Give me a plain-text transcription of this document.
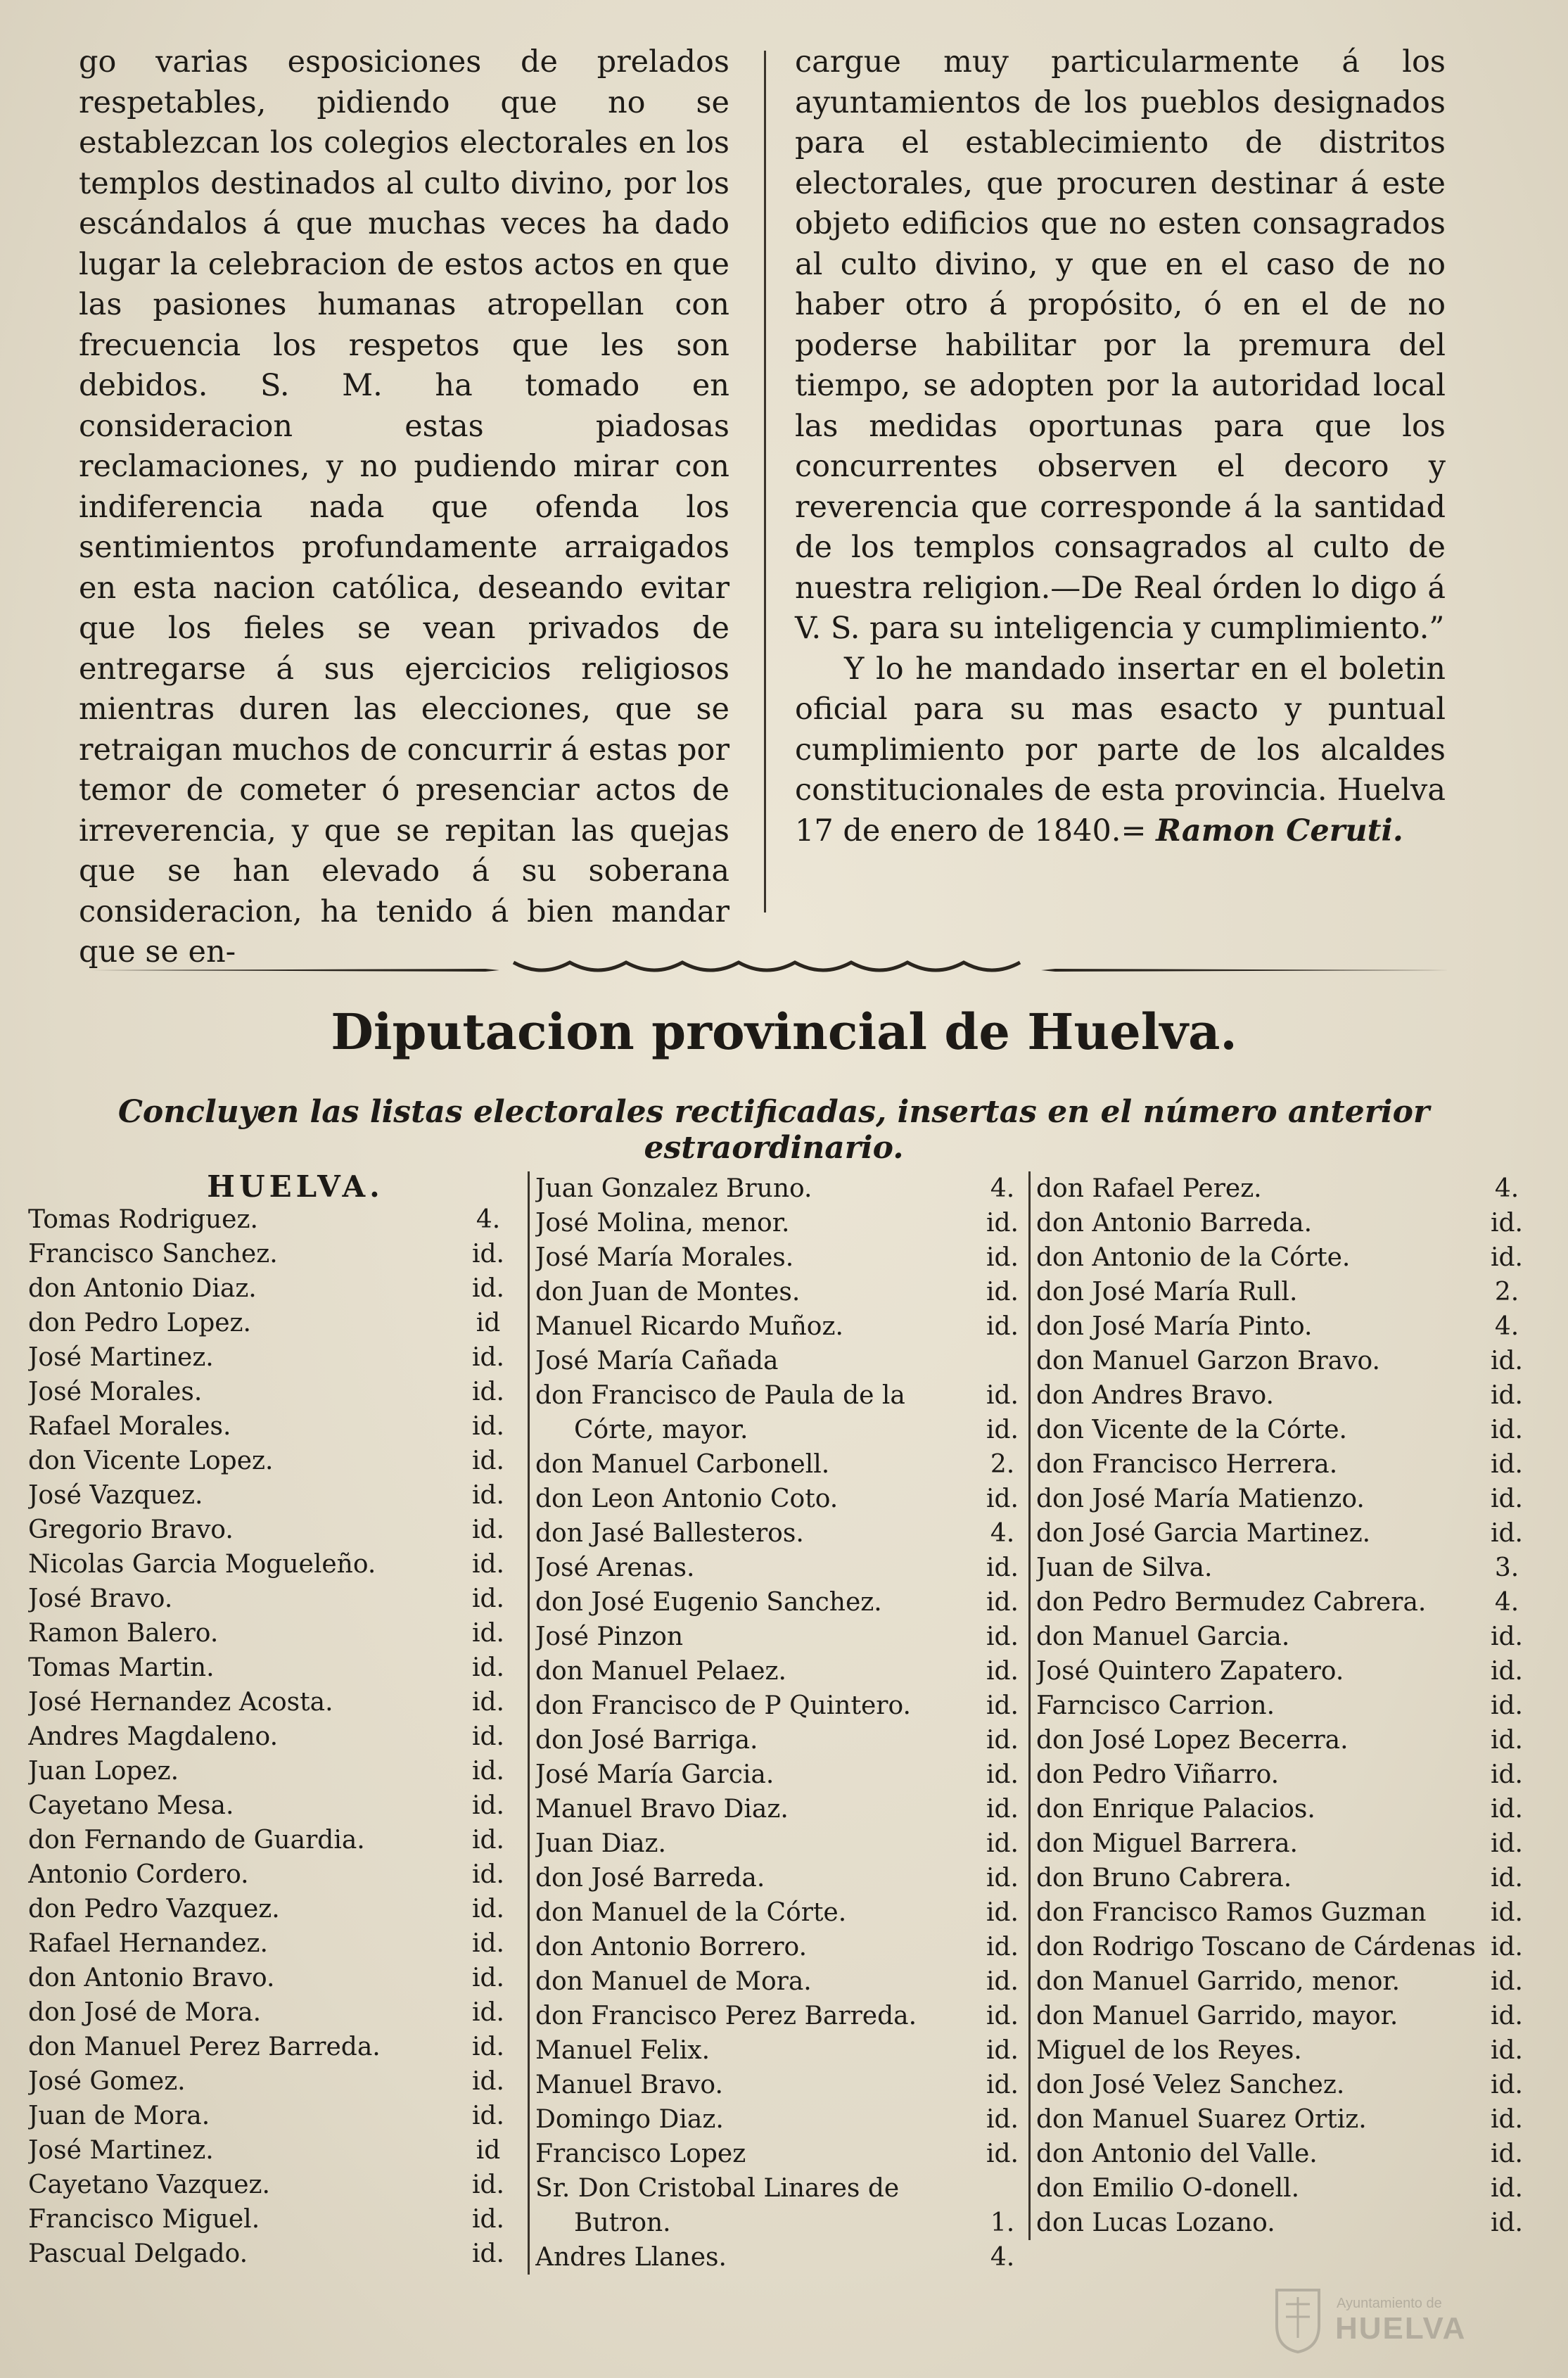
go varias esposiciones de prelados respetables, pidiendo que no se establezcan los colegios electorales en los templos destinados al culto divino, por los escándalos á que muchas veces ha dado lugar la celebracion de estos actos en que las pasiones humanas atropellan con frecuencia los respetos que les son debidos. S. M. ha tomado en consideracion estas piadosas reclamaciones, y no pudiendo mirar con indiferencia nada que ofenda los sentimientos profundamente arraigados en esta nacion católica, deseando evitar que los fieles se vean privados de entregarse á sus ejercicios religiosos mientras duren las elecciones, que se retraigan muchos de concurrir á estas por temor de cometer ó presenciar actos de irreverencia, y que se repitan las quejas que se han elevado á su soberana consideracion, ha tenido á bien mandar que se en-

cargue muy particularmente á los ayuntamientos de los pueblos designados para el establecimiento de distritos electorales, que procuren destinar á este objeto edificios que no esten consagrados al culto divino, y que en el caso de no haber otro á propósito, ó en el de no poderse habilitar por la premura del tiempo, se adopten por la autoridad local las medidas oportunas para que los concurrentes observen el decoro y reverencia que corresponde á la santidad de los templos consagrados al culto de nuestra religion.—De Real órden lo digo á V. S. para su inteligencia y cumplimiento.”

Y lo he mandado insertar en el boletin oficial para su mas esacto y puntual cumplimiento por parte de los alcaldes constitucionales de esta provincia. Huelva 17 de enero de 1840.= Ramon Ceruti.

Diputacion provincial de Huelva.

Concluyen las listas electorales rectificadas, insertas en el número anterior estraordinario.

HUELVA.
Tomas Rodriguez.	4.
Francisco Sanchez.	id.
don Antonio Diaz.	id.
don Pedro Lopez.	id
José Martinez.	id.
José Morales.	id.
Rafael Morales.	id.
don Vicente Lopez.	id.
José Vazquez.	id.
Gregorio Bravo.	id.
Nicolas Garcia Mogueleño.	id.
José Bravo.	id.
Ramon Balero.	id.
Tomas Martin.	id.
José Hernandez Acosta.	id.
Andres Magdaleno.	id.
Juan Lopez.	id.
Cayetano Mesa.	id.
don Fernando de Guardia.	id.
Antonio Cordero.	id.
don Pedro Vazquez.	id.
Rafael Hernandez.	id.
don Antonio Bravo.	id.
don José de Mora.	id.
don Manuel Perez Barreda.	id.
José Gomez.	id.
Juan de Mora.	id.
José Martinez.	id
Cayetano Vazquez.	id.
Francisco Miguel.	id.
Pascual Delgado.	id.
Juan Gonzalez Bruno.	4.
José Molina, menor.	id.
José María Morales.	id.
don Juan de Montes.	id.
Manuel Ricardo Muñoz.	id.
José María Cañada
don Francisco de Paula de la	id.
Córte, mayor.	id.
don Manuel Carbonell.	2.
don Leon Antonio Coto.	id.
don Jasé Ballesteros.	4.
José Arenas.	id.
don José Eugenio Sanchez.	id.
José Pinzon	id.
don Manuel Pelaez.	id.
don Francisco de P Quintero.	id.
don José Barriga.	id.
José María Garcia.	id.
Manuel Bravo Diaz.	id.
Juan Diaz.	id.
don José Barreda.	id.
don Manuel de la Córte.	id.
don Antonio Borrero.	id.
don Manuel de Mora.	id.
don Francisco Perez Barreda.	id.
Manuel Felix.	id.
Manuel Bravo.	id.
Domingo Diaz.	id.
Francisco Lopez	id.
Sr. Don Cristobal Linares de
Butron.	1.
Andres Llanes.	4.
don Rafael Perez.	4.
don Antonio Barreda.	id.
don Antonio de la Córte.	id.
don José María Rull.	2.
don José María Pinto.	4.
don Manuel Garzon Bravo.	id.
don Andres Bravo.	id.
don Vicente de la Córte.	id.
don Francisco Herrera.	id.
don José María Matienzo.	id.
don José Garcia Martinez.	id.
Juan de Silva.	3.
don Pedro Bermudez Cabrera.	4.
don Manuel Garcia.	id.
José Quintero Zapatero.	id.
Farncisco Carrion.	id.
don José Lopez Becerra.	id.
don Pedro Viñarro.	id.
don Enrique Palacios.	id.
don Miguel Barrera.	id.
don Bruno Cabrera.	id.
don Francisco Ramos Guzman	id.
don Rodrigo Toscano de Cárdenas id.
don Manuel Garrido, menor.	id.
don Manuel Garrido, mayor.	id.
Miguel de los Reyes.	id.
don José Velez Sanchez.	id.
don Manuel Suarez Ortiz.	id.
don Antonio del Valle.	id.
don Emilio O-donell.	id.
don Lucas Lozano.	id.
Ayuntamiento de
HUELVA
